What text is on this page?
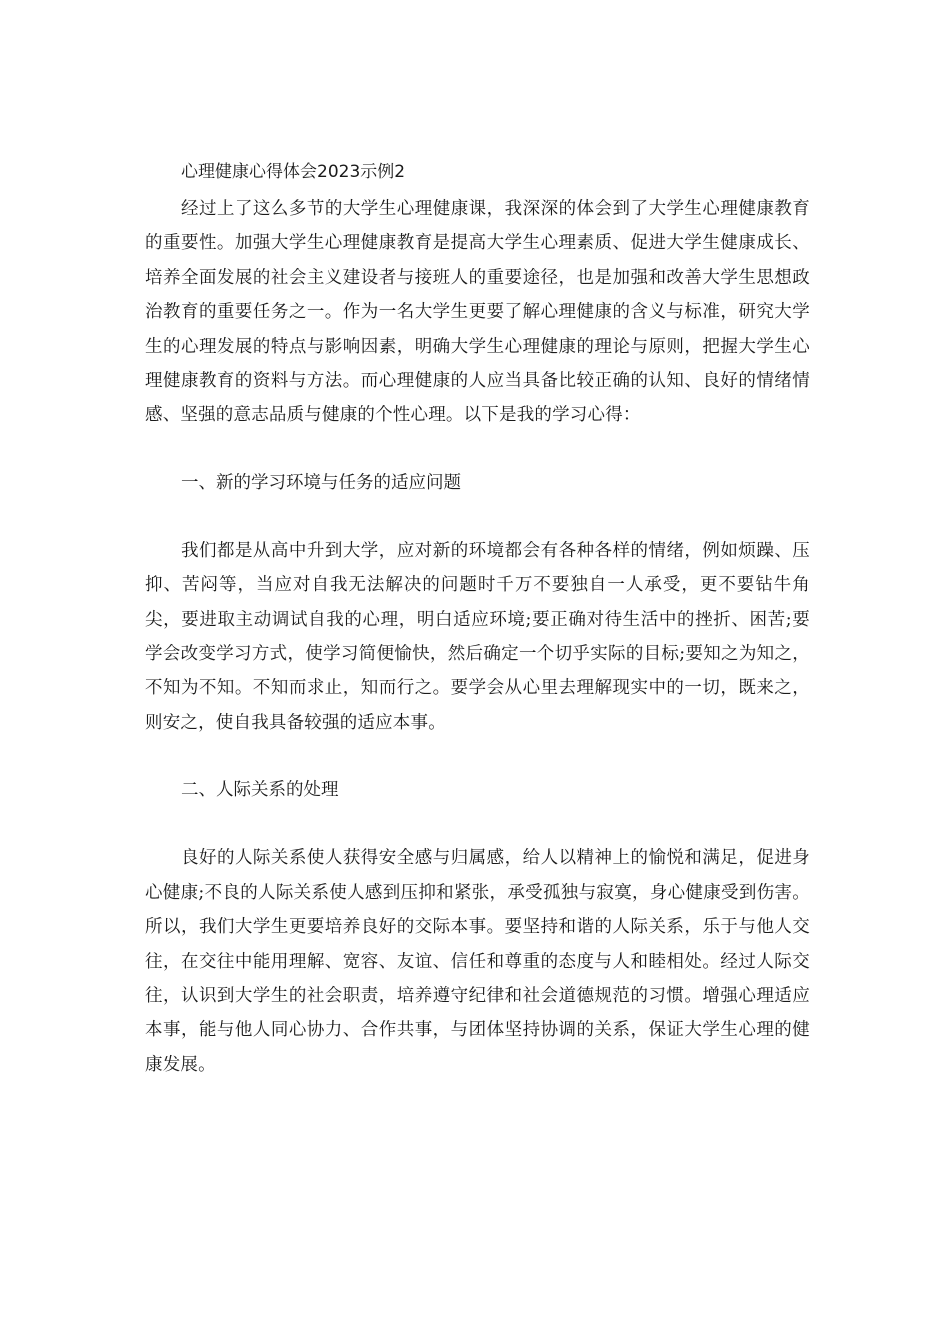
心理健康心得体会2023示例2

经过上了这么多节的大学生心理健康课，我深深的体会到了大学生心理健康教育的重要性。加强大学生心理健康教育是提高大学生心理素质、促进大学生健康成长、培养全面发展的社会主义建设者与接班人的重要途径，也是加强和改善大学生思想政治教育的重要任务之一。作为一名大学生更要了解心理健康的含义与标准，研究大学生的心理发展的特点与影响因素，明确大学生心理健康的理论与原则，把握大学生心理健康教育的资料与方法。而心理健康的人应当具备比较正确的认知、良好的情绪情感、坚强的意志品质与健康的个性心理。以下是我的学习心得：

一、新的学习环境与任务的适应问题

我们都是从高中升到大学，应对新的环境都会有各种各样的情绪，例如烦躁、压抑、苦闷等，当应对自我无法解决的问题时千万不要独自一人承受，更不要钻牛角尖，要进取主动调试自我的心理，明白适应环境;要正确对待生活中的挫折、困苦;要学会改变学习方式，使学习简便愉快，然后确定一个切乎实际的目标;要知之为知之，不知为不知。不知而求止，知而行之。要学会从心里去理解现实中的一切，既来之，则安之，使自我具备较强的适应本事。

二、人际关系的处理

良好的人际关系使人获得安全感与归属感，给人以精神上的愉悦和满足，促进身心健康;不良的人际关系使人感到压抑和紧张，承受孤独与寂寞，身心健康受到伤害。所以，我们大学生更要培养良好的交际本事。要坚持和谐的人际关系，乐于与他人交往，在交往中能用理解、宽容、友谊、信任和尊重的态度与人和睦相处。经过人际交往，认识到大学生的社会职责，培养遵守纪律和社会道德规范的习惯。增强心理适应本事，能与他人同心协力、合作共事，与团体坚持协调的关系，保证大学生心理的健康发展。
